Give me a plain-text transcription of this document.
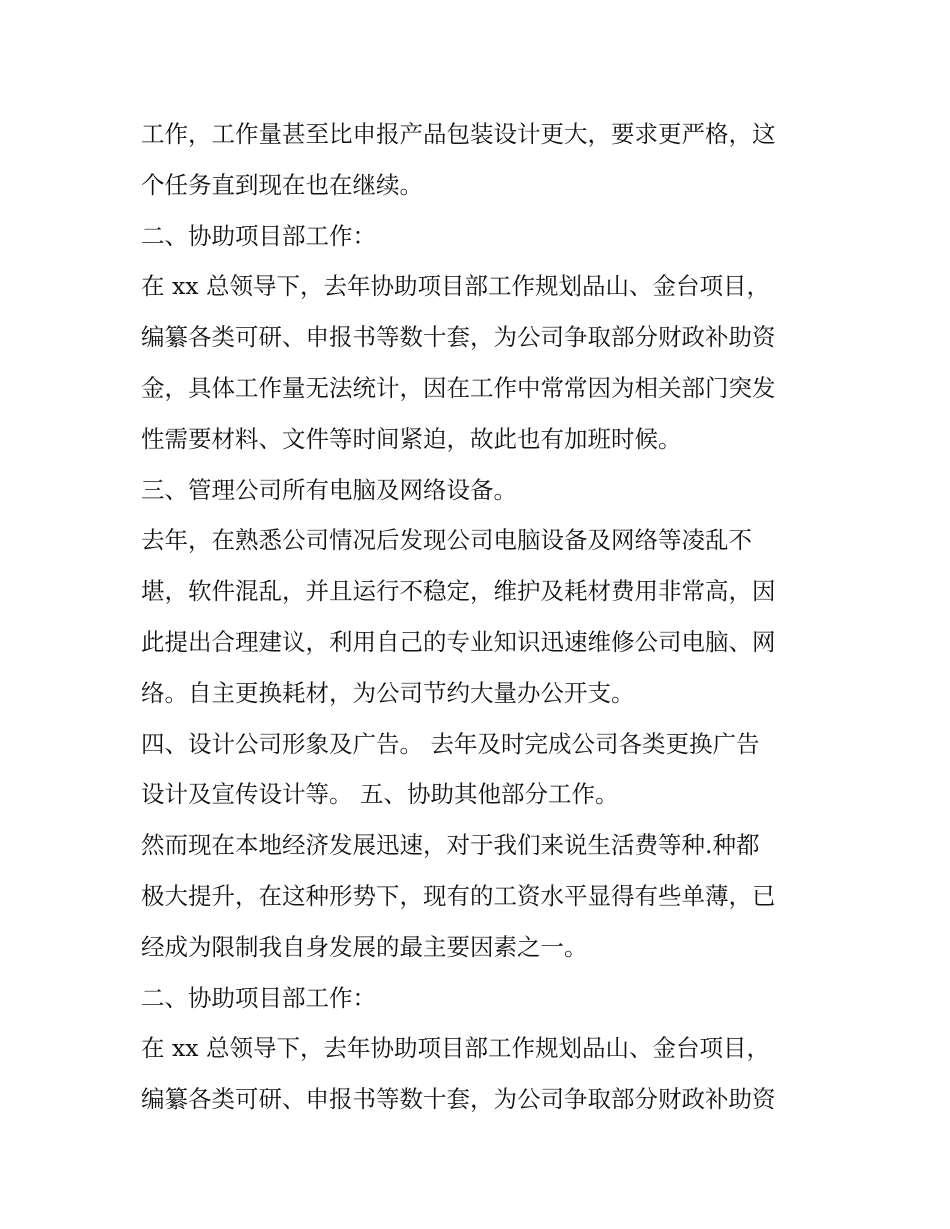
工作，工作量甚至比申报产品包装设计更大，要求更严格，这
个任务直到现在也在继续。
二、协助项目部工作：
在 xx 总领导下，去年协助项目部工作规划品山、金台项目，
编纂各类可研、申报书等数十套，为公司争取部分财政补助资
金，具体工作量无法统计，因在工作中常常因为相关部门突发
性需要材料、文件等时间紧迫，故此也有加班时候。
三、管理公司所有电脑及网络设备。
去年，在熟悉公司情况后发现公司电脑设备及网络等凌乱不
堪，软件混乱，并且运行不稳定，维护及耗材费用非常高，因
此提出合理建议，利用自己的专业知识迅速维修公司电脑、网
络。自主更换耗材，为公司节约大量办公开支。
四、设计公司形象及广告。 去年及时完成公司各类更换广告
设计及宣传设计等。 五、协助其他部分工作。
然而现在本地经济发展迅速，对于我们来说生活费等种.种都
极大提升，在这种形势下，现有的工资水平显得有些单薄，已
经成为限制我自身发展的最主要因素之一。
二、协助项目部工作：
在 xx 总领导下，去年协助项目部工作规划品山、金台项目，
编纂各类可研、申报书等数十套，为公司争取部分财政补助资
